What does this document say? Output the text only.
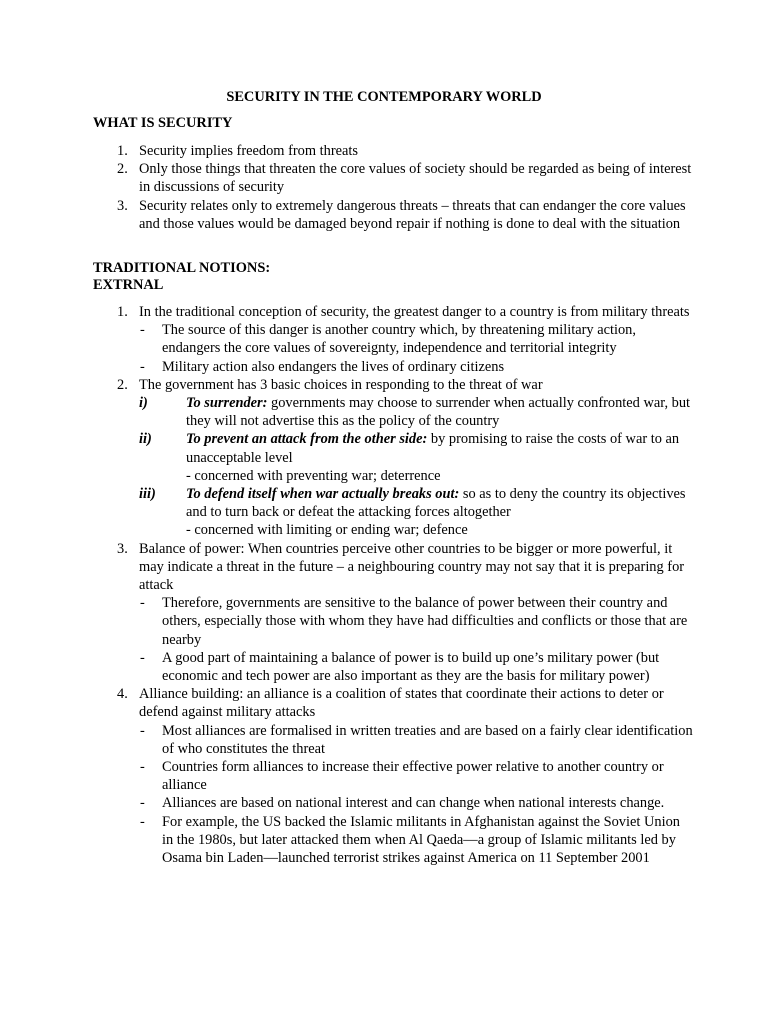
SECURITY IN THE CONTEMPORARY WORLD
WHAT IS SECURITY
1. Security implies freedom from threats
2. Only those things that threaten the core values of society should be regarded as being of interest in discussions of security
3. Security relates only to extremely dangerous threats – threats that can endanger the core values and those values would be damaged beyond repair if nothing is done to deal with the situation
TRADITIONAL NOTIONS:
EXTRNAL
1. In the traditional conception of security, the greatest danger to a country is from military threats
- The source of this danger is another country which, by threatening military action, endangers the core values of sovereignty, independence and territorial integrity
- Military action also endangers the lives of ordinary citizens
2. The government has 3 basic choices in responding to the threat of war
i)	To surrender: governments may choose to surrender when actually confronted war, but they will not advertise this as the policy of the country
ii) To prevent an attack from the other side: by promising to raise the costs of war to an unacceptable level
- concerned with preventing war; deterrence
iii) To defend itself when war actually breaks out: so as to deny the country its objectives and to turn back or defeat the attacking forces altogether
- concerned with limiting or ending war; defence
3. Balance of power: When countries perceive other countries to be bigger or more powerful, it may indicate a threat in the future – a neighbouring country may not say that it is preparing for attack
- Therefore, governments are sensitive to the balance of power between their country and others, especially those with whom they have had difficulties and conflicts or those that are nearby
- A good part of maintaining a balance of power is to build up one’s military power (but economic and tech power are also important as they are the basis for military power)
4. Alliance building: an alliance is a coalition of states that coordinate their actions to deter or defend against military attacks
- Most alliances are formalised in written treaties and are based on a fairly clear identification of who constitutes the threat
- Countries form alliances to increase their effective power relative to another country or alliance
- Alliances are based on national interest and can change when national interests change.
- For example, the US backed the Islamic militants in Afghanistan against the Soviet Union in the 1980s, but later attacked them when Al Qaeda—a group of Islamic militants led by Osama bin Laden—launched terrorist strikes against America on 11 September 2001
